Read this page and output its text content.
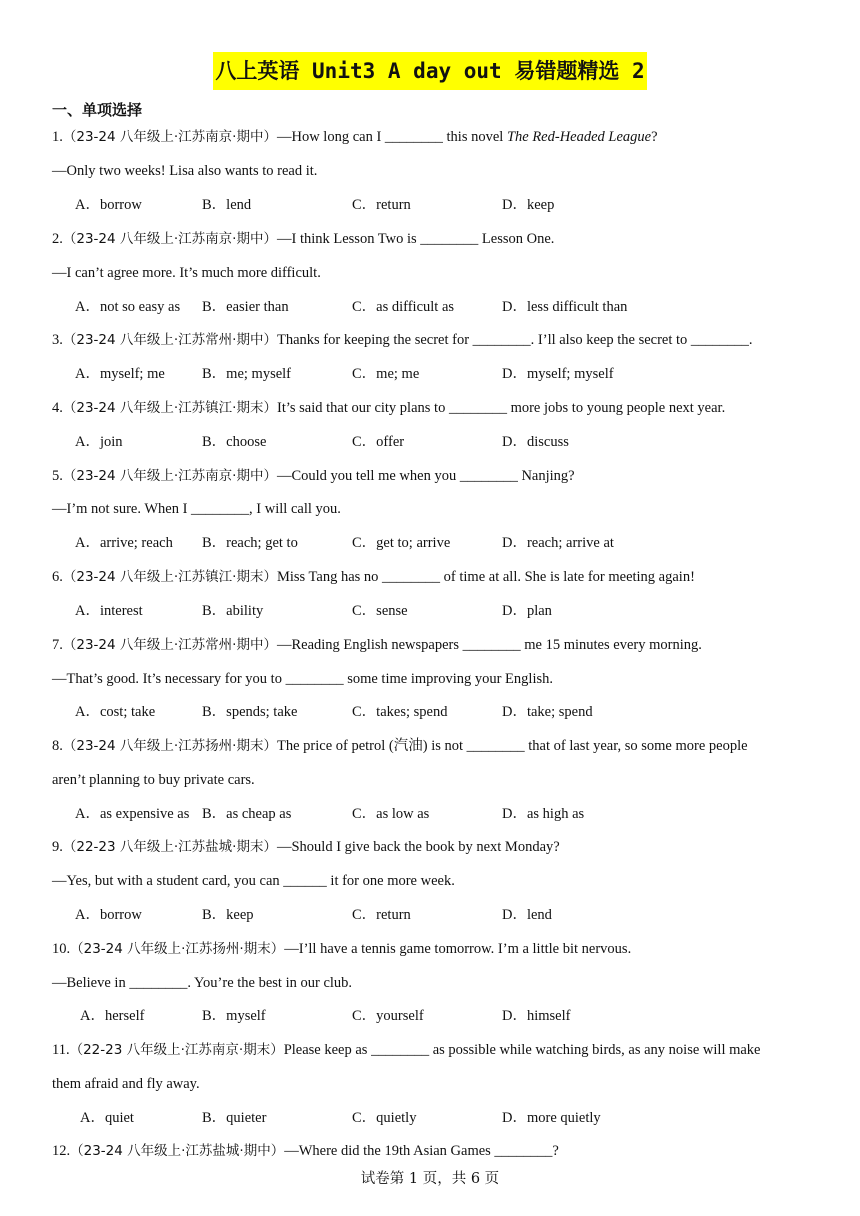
八上英语 Unit3 A day out 易错题精选 2
一、单项选择
1.（23-24 八年级上·江苏南京·期中）—How long can I ________ this novel The Red-Headed League?
—Only two weeks! Lisa also wants to read it.
A．borrow	B．lend	C．return	D．keep
2.（23-24 八年级上·江苏南京·期中）—I think Lesson Two is ________ Lesson One.
—I can’t agree more. It’s much more difficult.
A．not so easy as B．easier than	C．as difficult as	D．less difficult than
3.（23-24 八年级上·江苏常州·期中）Thanks for keeping the secret for ________. I’ll also keep the secret to ________.
A．myself; me	B．me; myself	C．me; me	D．myself; myself
4.（23-24 八年级上·江苏镇江·期末）It’s said that our city plans to ________ more jobs to young people next year.
A．join	B．choose	C．offer	D．discuss
5.（23-24 八年级上·江苏南京·期中）—Could you tell me when you ________ Nanjing?
—I’m not sure. When I ________, I will call you.
A．arrive; reach B．reach; get to	C．get to; arrive	D．reach; arrive at
6.（23-24 八年级上·江苏镇江·期末）Miss Tang has no ________ of time at all. She is late for meeting again!
A．interest	B．ability	C．sense	D．plan
7.（23-24 八年级上·江苏常州·期中）—Reading English newspapers ________ me 15 minutes every morning.
—That’s good. It’s necessary for you to ________ some time improving your English.
A．cost; take	B．spends; take	C．takes; spend	D．take; spend
8.（23-24 八年级上·江苏扬州·期末）The price of petrol (汽油) is not ________ that of last year, so some more people
aren’t planning to buy private cars.
A．as expensive as B．as cheap as	C．as low as	D．as high as
9.（22-23 八年级上·江苏盐城·期末）—Should I give back the book by next Monday?
—Yes, but with a student card, you can ______ it for one more week.
A．borrow	B．keep	C．return	D．lend
10.（23-24 八年级上·江苏扬州·期末）—I’ll have a tennis game tomorrow. I’m a little bit nervous.
—Believe in ________. You’re the best in our club.
A．herself	B．myself	C．yourself	D．himself
11.（22-23 八年级上·江苏南京·期末）Please keep as ________ as possible while watching birds, as any noise will make
them afraid and fly away.
A．quiet	B．quieter	C．quietly	D．more quietly
12.（23-24 八年级上·江苏盐城·期中）—Where did the 19th Asian Games ________?
试卷第 1 页，共 6 页
